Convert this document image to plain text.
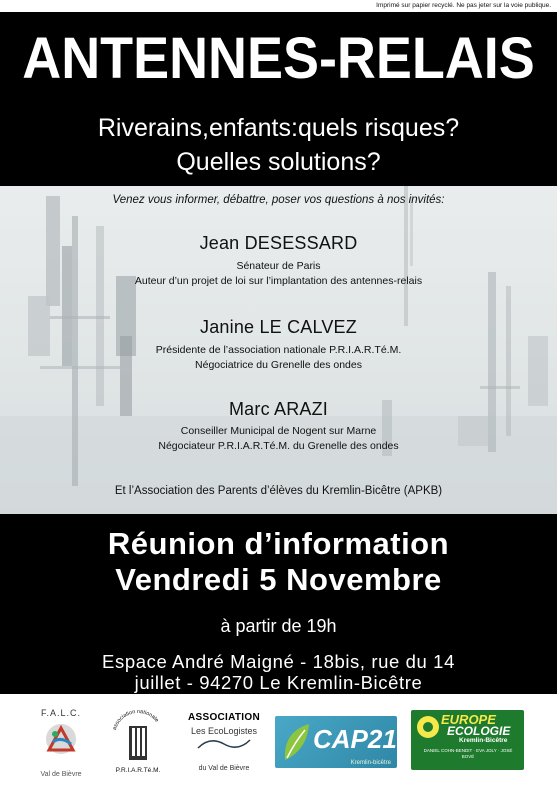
Imprimé sur papier recyclé. Ne pas jeter sur la voie publique.
ANTENNES-RELAIS
Riverains,enfants:quels risques?
Quelles solutions?
Venez vous informer, débattre, poser vos questions à nos invités:
Jean DESESSARD
Sénateur de Paris
Auteur d’un projet de loi sur l’implantation des antennes-relais
Janine LE CALVEZ
Présidente de l’association nationale P.R.I.A.R.Té.M.
Négociatrice du Grenelle des ondes
Marc ARAZI
Conseiller Municipal de Nogent sur Marne
Négociateur P.R.I.A.R.Té.M. du Grenelle des ondes
Et l’Association des Parents d’élèves du Kremlin-Bicêtre (APKB)
Réunion d’information
Vendredi 5 Novembre
à partir de 19h
Espace André Maigné - 18bis, rue du 14
juillet - 94270 Le Kremlin-Bicêtre
F.A.L.C.
Val de Bièvre
association nationale
P.R.I.A.R.Té.M.
ASSOCIATION
Les EcoLogistes
du Val de Bièvre
CAP21
Kremlin-bicêtre
EUROPE
ECOLOGIE
Kremlin-Bicêtre
DANIEL COHN-BENDIT · EVA JOLY · JOSÉ BOVÉ
